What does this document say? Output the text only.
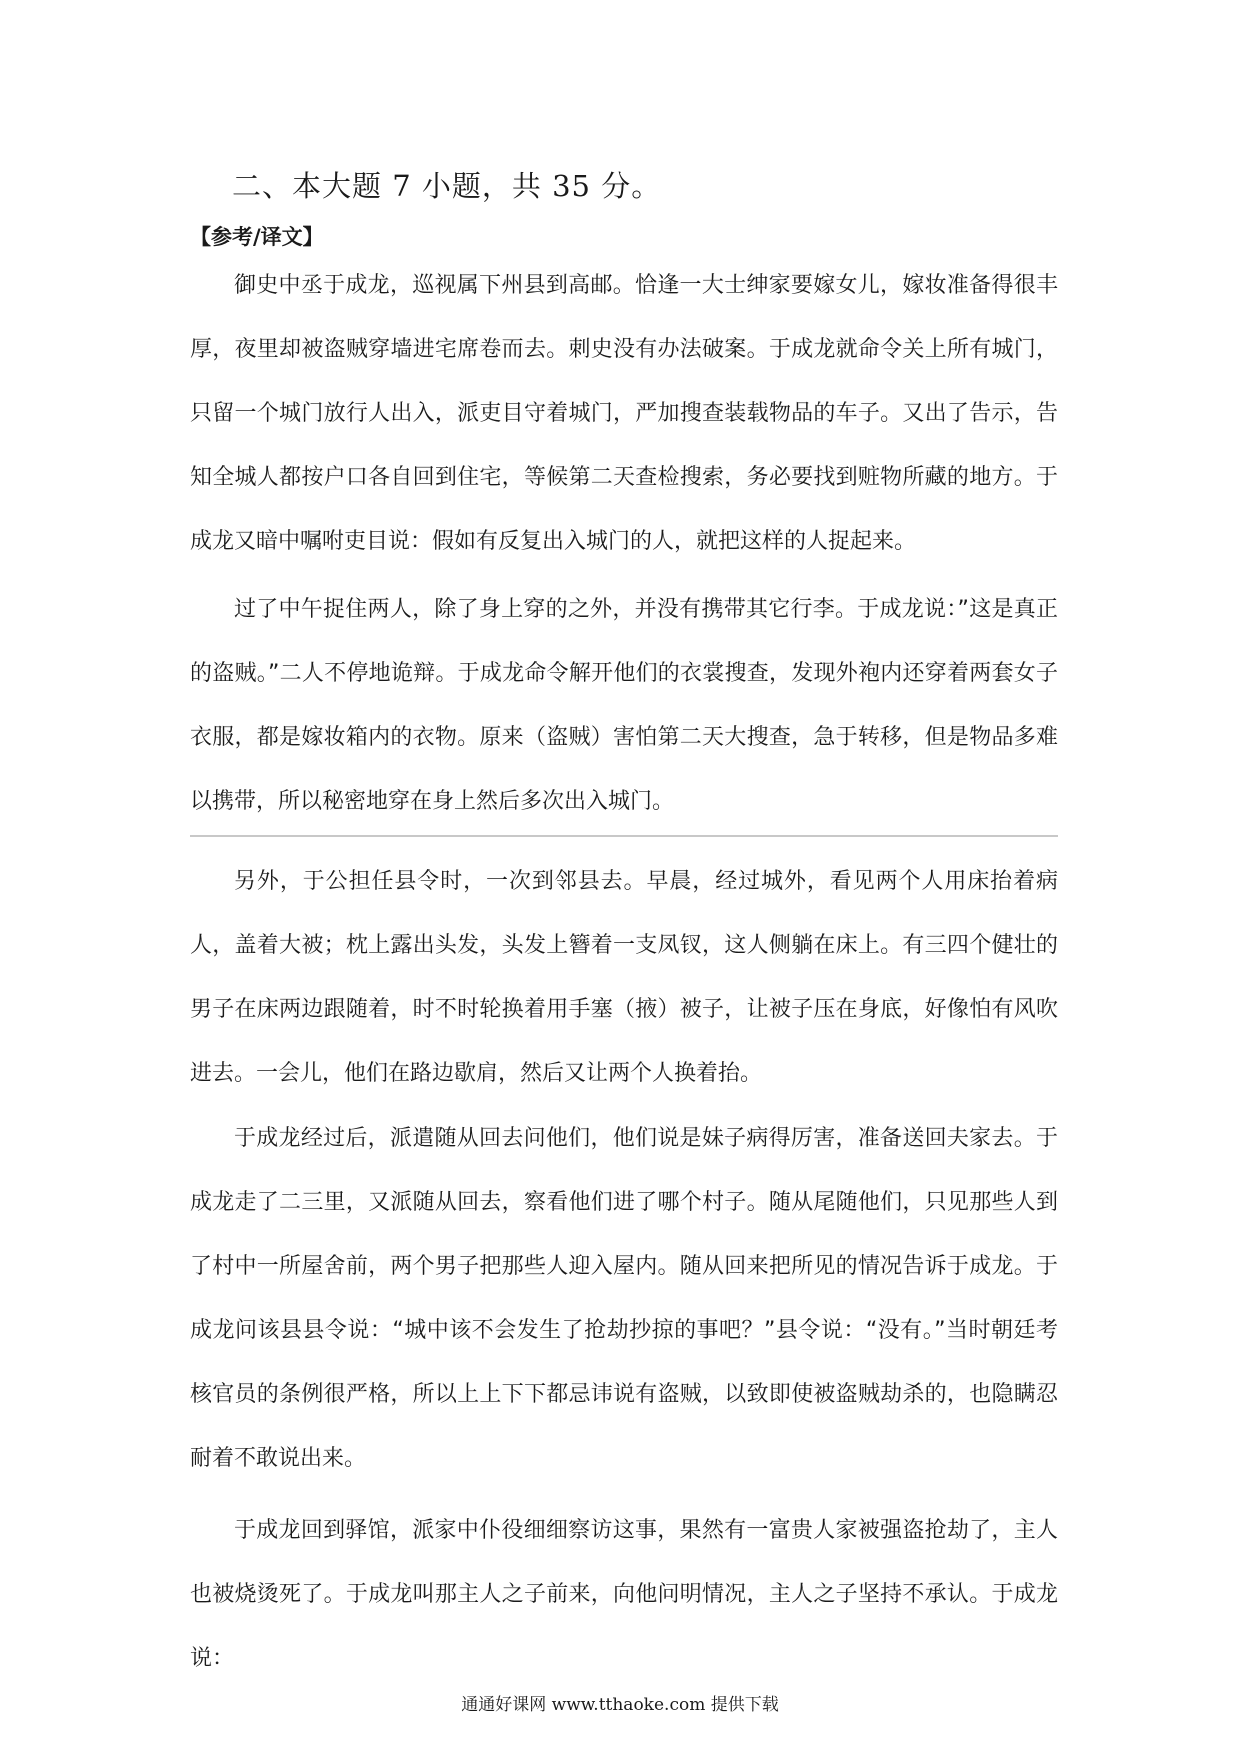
二、本大题 7 小题，共 35 分。
【参考/译文】

御史中丞于成龙，巡视属下州县到高邮。恰逢一大士绅家要嫁女儿，嫁妆准备得很丰厚，夜里却被盗贼穿墙进宅席卷而去。刺史没有办法破案。于成龙就命令关上所有城门，只留一个城门放行人出入，派吏目守着城门，严加搜查装载物品的车子。又出了告示，告知全城人都按户口各自回到住宅，等候第二天查检搜索，务必要找到赃物所藏的地方。于成龙又暗中嘱咐吏目说：假如有反复出入城门的人，就把这样的人捉起来。

过了中午捉住两人，除了身上穿的之外，并没有携带其它行李。于成龙说：”这是真正的盗贼。”二人不停地诡辩。于成龙命令解开他们的衣裳搜查，发现外袍内还穿着两套女子衣服，都是嫁妆箱内的衣物。原来（盗贼）害怕第二天大搜查，急于转移，但是物品多难以携带，所以秘密地穿在身上然后多次出入城门。

另外，于公担任县令时，一次到邻县去。早晨，经过城外，看见两个人用床抬着病人，盖着大被；枕上露出头发，头发上簪着一支凤钗，这人侧躺在床上。有三四个健壮的男子在床两边跟随着，时不时轮换着用手塞（掖）被子，让被子压在身底，好像怕有风吹进去。一会儿，他们在路边歇肩，然后又让两个人换着抬。

于成龙经过后，派遣随从回去问他们，他们说是妹子病得厉害，准备送回夫家去。于成龙走了二三里，又派随从回去，察看他们进了哪个村子。随从尾随他们，只见那些人到了村中一所屋舍前，两个男子把那些人迎入屋内。随从回来把所见的情况告诉于成龙。于成龙问该县县令说：“城中该不会发生了抢劫抄掠的事吧？”县令说：“没有。”当时朝廷考核官员的条例很严格，所以上上下下都忌讳说有盗贼，以致即使被盗贼劫杀的，也隐瞒忍耐着不敢说出来。

于成龙回到驿馆，派家中仆役细细察访这事，果然有一富贵人家被强盗抢劫了，主人也被烧烫死了。于成龙叫那主人之子前来，向他问明情况，主人之子坚持不承认。于成龙说：

通通好课网 www.tthaoke.com 提供下载
